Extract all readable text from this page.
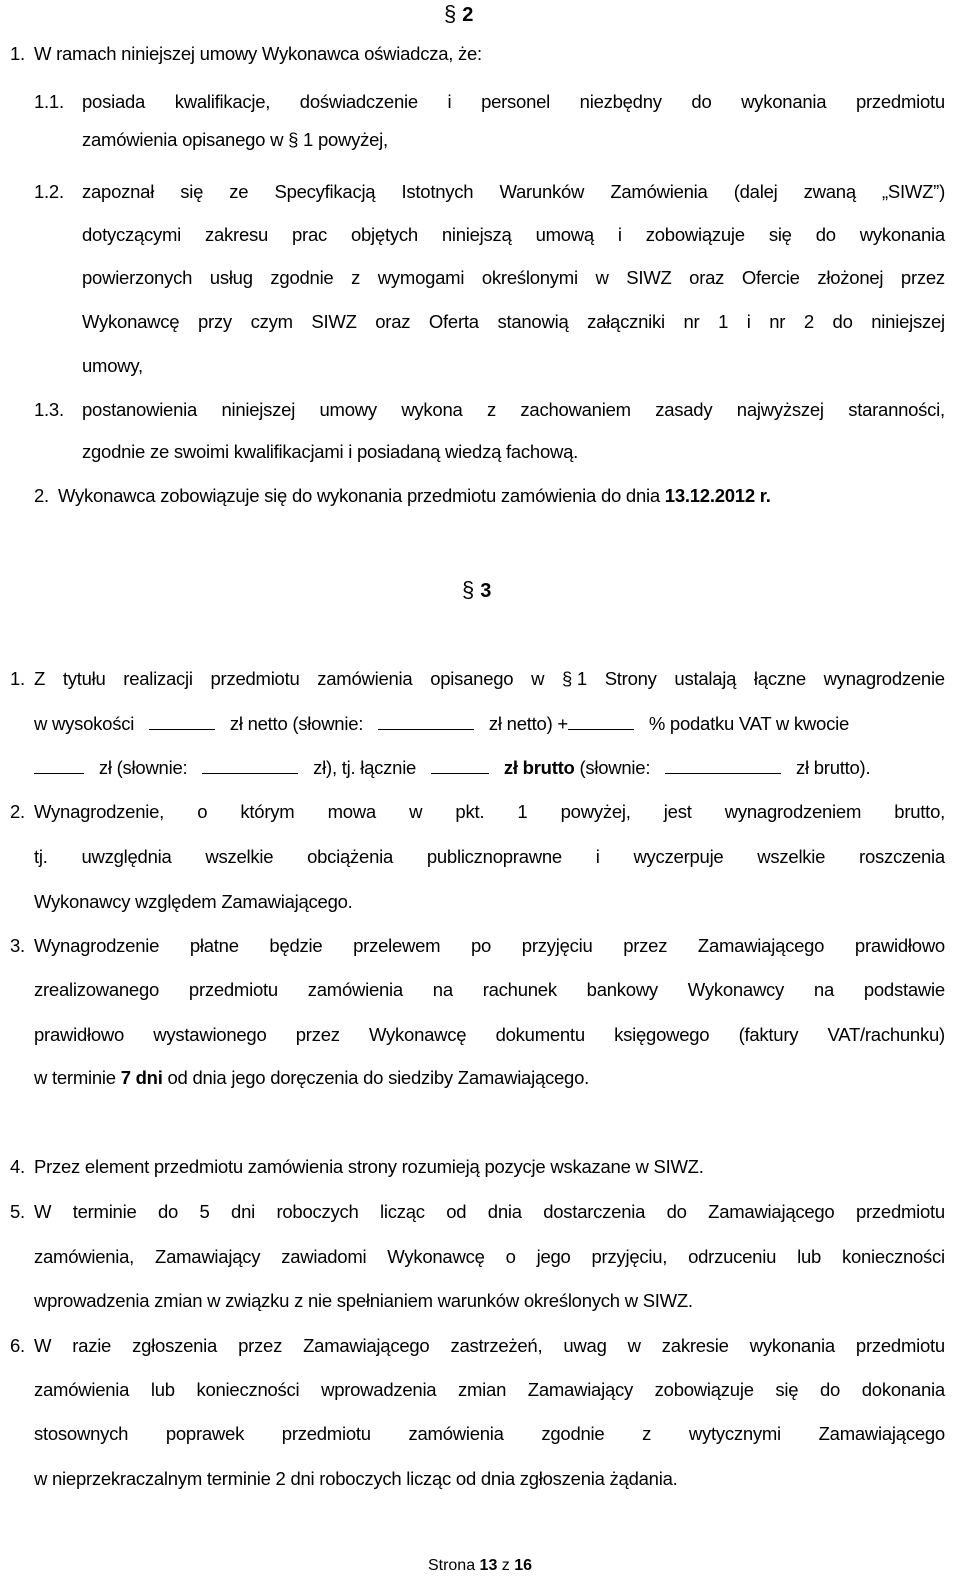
§ 2
1. W ramach niniejszej umowy Wykonawca oświadcza, że:
1.1. posiada kwalifikacje, doświadczenie i personel niezbędny do wykonania przedmiotu
zamówienia opisanego w § 1 powyżej,
1.2. zapoznał się ze Specyfikacją Istotnych Warunków Zamówienia (dalej zwaną „SIWZ”)
dotyczącymi zakresu prac objętych niniejszą umową i zobowiązuje się do wykonania
powierzonych usług zgodnie z wymogami określonymi w SIWZ oraz Ofercie złożonej przez
Wykonawcę przy czym SIWZ oraz Oferta stanowią załączniki nr 1 i nr 2 do niniejszej
umowy,
1.3. postanowienia niniejszej umowy wykona z zachowaniem zasady najwyższej staranności,
zgodnie ze swoimi kwalifikacjami i posiadaną wiedzą fachową.
2. Wykonawca zobowiązuje się do wykonania przedmiotu zamówienia do dnia 13.12.2012 r.
§ 3
1. Z tytułu realizacji przedmiotu zamówienia opisanego w § 1 Strony ustalają łączne wynagrodzenie
w wysokości	zł netto (słownie:	zł netto) +	% podatku VAT w kwocie
zł (słownie:	zł), tj. łącznie	zł brutto (słownie:	zł brutto).
2. Wynagrodzenie, o którym mowa w pkt. 1 powyżej, jest wynagrodzeniem brutto,
tj. uwzględnia wszelkie obciążenia publicznoprawne i wyczerpuje wszelkie roszczenia
Wykonawcy względem Zamawiającego.
3. Wynagrodzenie płatne będzie przelewem po przyjęciu przez Zamawiającego prawidłowo
zrealizowanego przedmiotu zamówienia na rachunek bankowy Wykonawcy na podstawie
prawidłowo wystawionego przez Wykonawcę dokumentu księgowego (faktury VAT/rachunku)
w terminie 7 dni od dnia jego doręczenia do siedziby Zamawiającego.
4. Przez element przedmiotu zamówienia strony rozumieją pozycje wskazane w SIWZ.
5. W terminie do 5 dni roboczych licząc od dnia dostarczenia do Zamawiającego przedmiotu
zamówienia, Zamawiający zawiadomi Wykonawcę o jego przyjęciu, odrzuceniu lub konieczności
wprowadzenia zmian w związku z nie spełnianiem warunków określonych w SIWZ.
6. W razie zgłoszenia przez Zamawiającego zastrzeżeń, uwag w zakresie wykonania przedmiotu
zamówienia lub konieczności wprowadzenia zmian Zamawiający zobowiązuje się do dokonania
stosownych poprawek przedmiotu zamówienia zgodnie z wytycznymi Zamawiającego
w nieprzekraczalnym terminie 2 dni roboczych licząc od dnia zgłoszenia żądania.
Strona 13 z 16
